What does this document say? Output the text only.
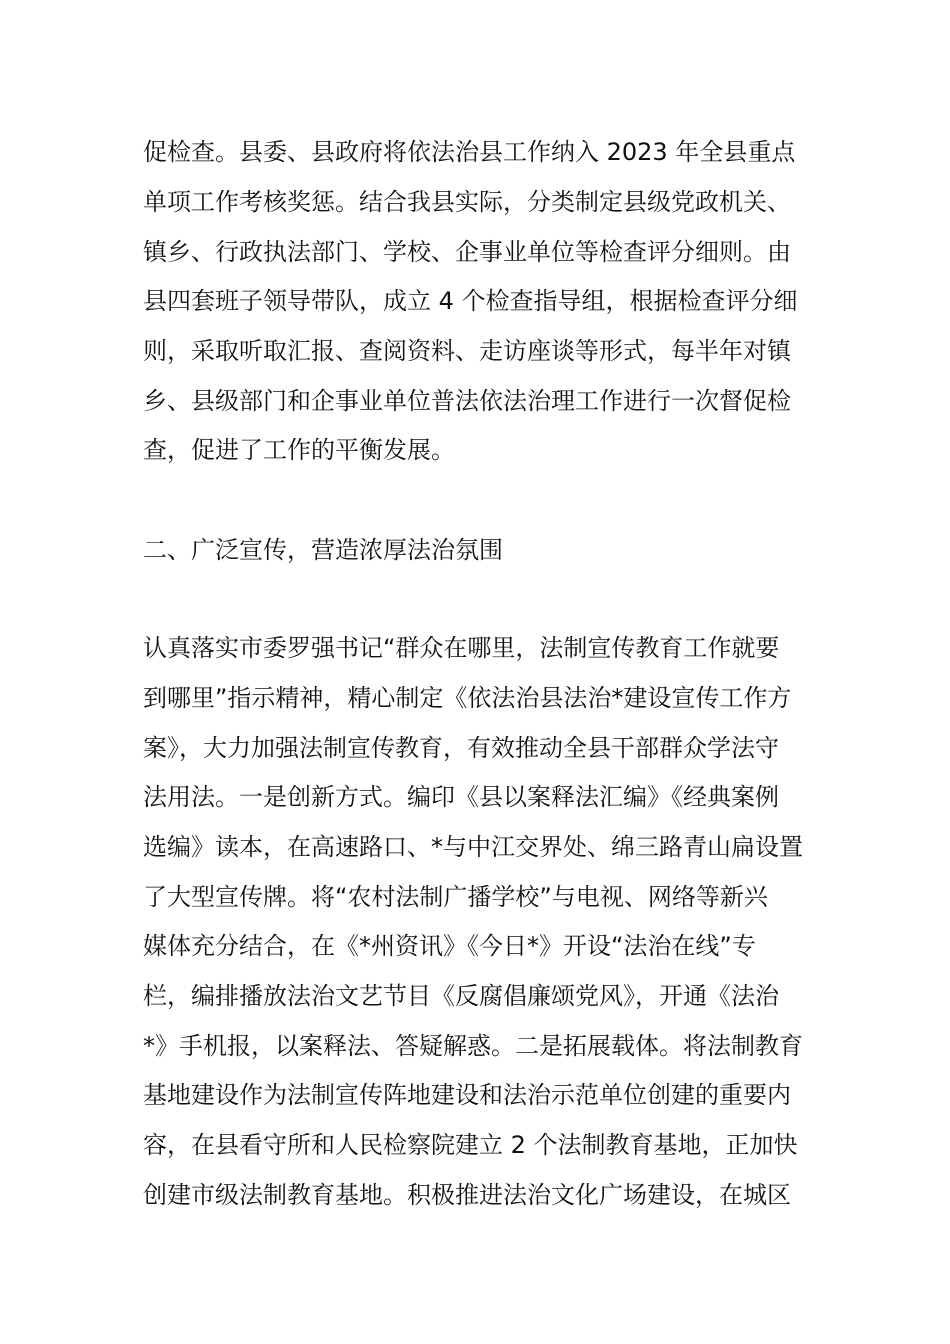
促检查。县委、县政府将依法治县工作纳入 2023 年全县重点
单项工作考核奖惩。结合我县实际，分类制定县级党政机关、
镇乡、行政执法部门、学校、企事业单位等检查评分细则。由
县四套班子领导带队，成立 4 个检查指导组，根据检查评分细
则，采取听取汇报、查阅资料、走访座谈等形式，每半年对镇
乡、县级部门和企事业单位普法依法治理工作进行一次督促检
查，促进了工作的平衡发展。
二、广泛宣传，营造浓厚法治氛围
认真落实市委罗强书记“群众在哪里，法制宣传教育工作就要
到哪里”指示精神，精心制定《依法治县法治*建设宣传工作方
案》，大力加强法制宣传教育，有效推动全县干部群众学法守
法用法。一是创新方式。编印《县以案释法汇编》《经典案例
选编》读本，在高速路口、*与中江交界处、绵三路青山扁设置
了大型宣传牌。将“农村法制广播学校”与电视、网络等新兴
媒体充分结合，在《*州资讯》《今日*》开设“法治在线”专
栏，编排播放法治文艺节目《反腐倡廉颂党风》，开通《法治
*》手机报，以案释法、答疑解惑。二是拓展载体。将法制教育
基地建设作为法制宣传阵地建设和法治示范单位创建的重要内
容，在县看守所和人民检察院建立 2 个法制教育基地，正加快
创建市级法制教育基地。积极推进法治文化广场建设，在城区
